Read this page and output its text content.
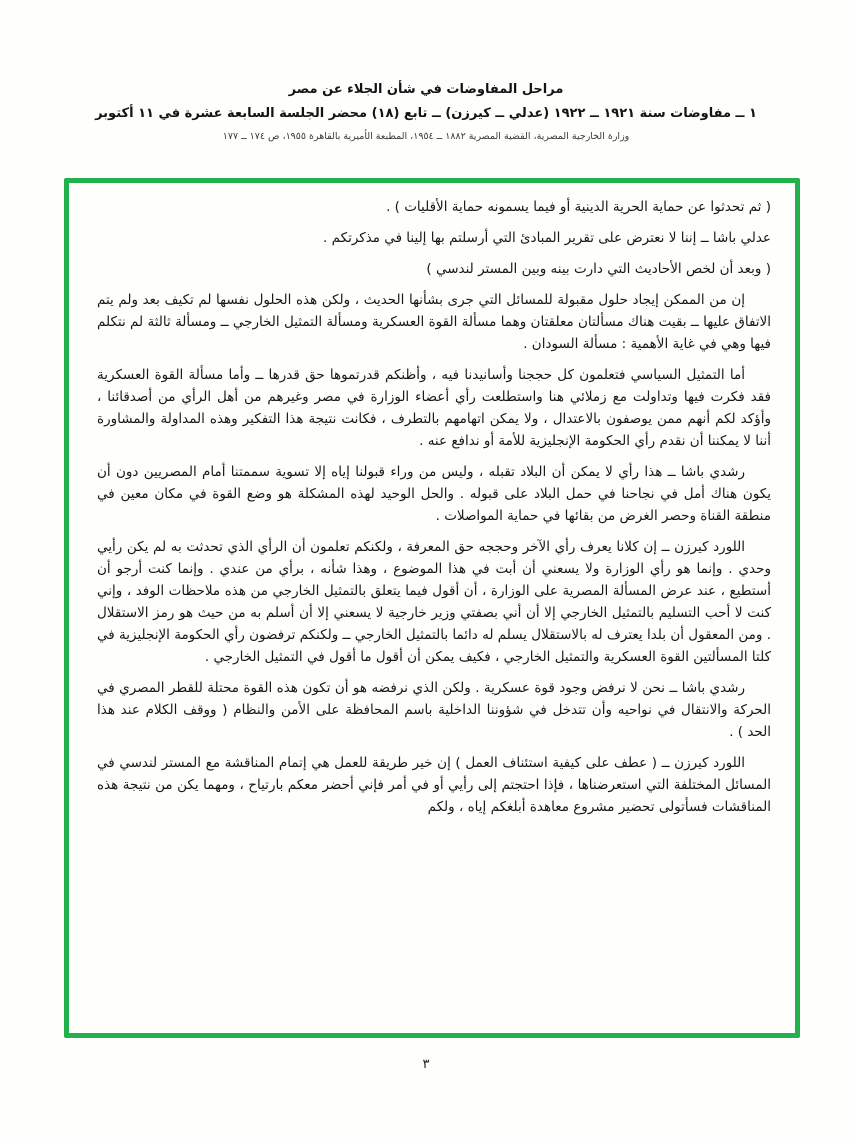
مراحل المفاوضات في شأن الجلاء عن مصر
١ ــ مفاوضات سنة ١٩٢١ ــ ١٩٢٢ (عدلي ــ كيرزن) ــ تابع (١٨) محضر الجلسة السابعة عشرة في ١١ أكتوبر
وزارة الخارجية المصرية، القضية المصرية ١٨٨٢ ــ ١٩٥٤، المطبعة الأميرية بالقاهرة ١٩٥٥، ص ١٧٤ ــ ١٧٧

( ثم تحدثوا عن حماية الحرية الدينية أو فيما يسمونه حماية الأقليات ) .

عدلي باشا ــ إننا لا نعترض على تقرير المبادئ التي أرسلتم بها إلينا في مذكرتكم .

( وبعد أن لخص الأحاديث التي دارت بينه وبين المستر لندسي )

إن من الممكن إيجاد حلول مقبولة للمسائل التي جرى بشأنها الحديث ، ولكن هذه الحلول نفسها لم تكيف بعد ولم يتم الاتفاق عليها ــ بقيت هناك مسألتان معلقتان وهما مسألة القوة العسكرية ومسألة التمثيل الخارجي ــ ومسألة ثالثة لم نتكلم فيها وهي في غاية الأهمية : مسألة السودان .

أما التمثيل السياسي فتعلمون كل حججنا وأسانيدنا فيه ، وأظنكم قدرتموها حق قدرها ــ وأما مسألة القوة العسكرية فقد فكرت فيها وتداولت مع زملائي هنا واستطلعت رأي أعضاء الوزارة في مصر وغيرهم من أهل الرأي من أصدقائنا ، وأؤكد لكم أنهم ممن يوصفون بالاعتدال ، ولا يمكن اتهامهم بالتطرف ، فكانت نتيجة هذا التفكير وهذه المداولة والمشاورة أننا لا يمكننا أن نقدم رأي الحكومة الإنجليزية للأمة أو ندافع عنه .

رشدي باشا ــ هذا رأي لا يمكن أن البلاد تقبله ، وليس من وراء قبولنا إياه إلا تسوية سممتنا أمام المصريين دون أن يكون هناك أمل في نجاحنا في حمل البلاد على قبوله . والحل الوحيد لهذه المشكلة هو وضع القوة في مكان معين في منطقة القناة وحصر الغرض من بقائها في حماية المواصلات .

اللورد كيرزن ــ إن كلانا يعرف رأي الآخر وحججه حق المعرفة ، ولكنكم تعلمون أن الرأي الذي تحدثت به لم يكن رأيي وحدي . وإنما هو رأي الوزارة ولا يسعني أن أبت في هذا الموضوع ، وهذا شأنه ، برأي من عندي . وإنما كنت أرجو أن أستطيع ، عند عرض المسألة المصرية على الوزارة ، أن أقول فيما يتعلق بالتمثيل الخارجي من هذه ملاحظات الوفد ، وإني كنت لا أحب التسليم بالتمثيل الخارجي إلا أن أني بصفتي وزير خارجية لا يسعني إلا أن أسلم به من حيث هو رمز الاستقلال . ومن المعقول أن بلدا يعترف له بالاستقلال يسلم له دائما بالتمثيل الخارجي ــ ولكنكم ترفضون رأي الحكومة الإنجليزية في كلتا المسألتين القوة العسكرية والتمثيل الخارجي ، فكيف يمكن أن أقول ما أقول في التمثيل الخارجي .

رشدي باشا ــ نحن لا نرفض وجود قوة عسكرية . ولكن الذي نرفضه هو أن تكون هذه القوة محتلة للقطر المصري في الحركة والانتقال في نواحيه وأن تتدخل في شؤوننا الداخلية باسم المحافظة على الأمن والنظام ( ووقف الكلام عند هذا الحد ) .

اللورد كيرزن ــ ( عطف على كيفية استئناف العمل ) إن خير طريقة للعمل هي إتمام المناقشة مع المستر لندسي في المسائل المختلفة التي استعرضناها ، فإذا احتجتم إلى رأيي أو في أمر فإني أحضر معكم بارتياح ، ومهما يكن من نتيجة هذه المناقشات فسأتولى تحضير مشروع معاهدة أبلغكم إياه ، ولكم

٣
